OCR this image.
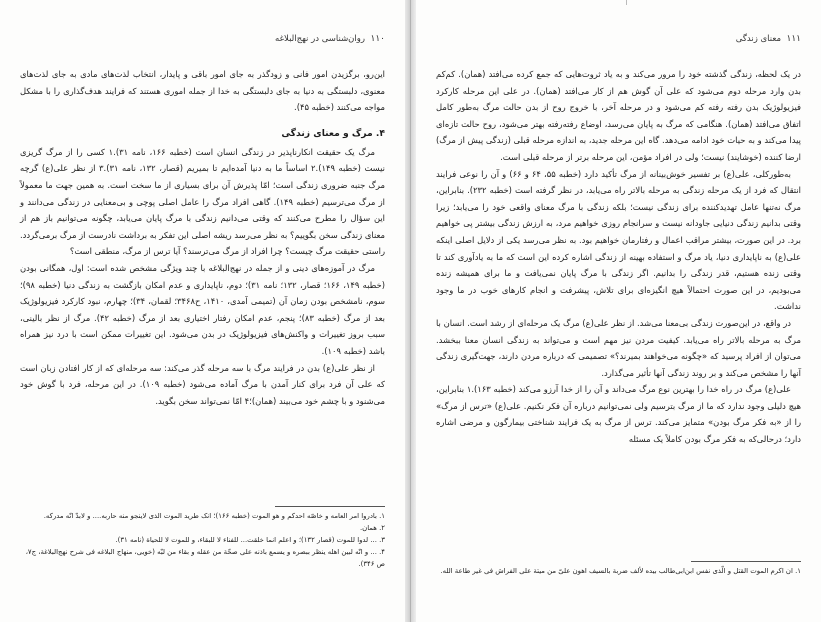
۱۱۰
روان‌شناسی در نهج‌البلاغه

این‌رو، برگزیدن امور فانی و زودگذر به جای امور باقی و پایدار، انتخاب لذت‌های مادی به جای لذت‌های معنوی، دلبستگی به دنیا به جای دلبستگی به خدا از جمله اموری هستند که فرایند هدف‌گذاری را با مشکل مواجه می‌کنند (خطبه ۴۵).

۴. مرگ و معنای زندگی

مرگ یک حقیقت انکارناپذیر در زندگی انسان است (خطبه ۱۶۶، نامه ۳۱).۱ کسی را از مرگ گریزی نیست (خطبه ۱۴۹).۲ اساساً ما به دنیا آمده‌ایم تا بمیریم (قصار، ۱۳۲، نامه ۳۱).۳ از نظر علی(ع) گرچه مرگ جنبه ضروری زندگی است؛ امّا پذیرش آن برای بسیاری از ما سخت است. به همین جهت ما معمولاً از مرگ می‌ترسیم (خطبه ۱۴۹). گاهی افراد مرگ را عامل اصلی پوچی و بی‌معنایی در زندگی می‌دانند و این سؤال را مطرح می‌کنند که وقتی می‌دانیم زندگی با مرگ پایان می‌یابد، چگونه می‌توانیم باز هم از معنای زندگی سخن بگوییم؟ به نظر می‌رسد ریشه اصلی این تفکر به برداشت نادرست از مرگ برمی‌گردد. راستی حقیقت مرگ چیست؟ چرا افراد از مرگ می‌ترسند؟ آیا ترس از مرگ، منطقی است؟

مرگ در آموزه‌های دینی و از جمله در نهج‌البلاغه با چند ویژگی مشخص شده است: اول، همگانی بودن (خطبه ۱۴۹، ۱۶۶؛ قصار، ۱۳۲؛ نامه ۳۱)؛ دوم، ناپایداری و عدم امکان بازگشت به زندگی دنیا (خطبه ۹۸)؛ سوم، نامشخص بودن زمان آن (تمیمی آمدی، ۱۴۱۰، ح۳۴۶۸؛ لقمان، ۳۴)؛ چهارم، نبود کارکرد فیزیولوژیک بعد از مرگ (خطبه ۸۳)؛ پنجم، عدم امکان رفتار اختیاری بعد از مرگ (خطبه ۴۲). مرگ از نظر بالینی، سبب بروز تغییرات و واکنش‌های فیزیولوژیک در بدن می‌شود. این تغییرات ممکن است با درد نیز همراه باشد (خطبه ۱۰۹).

از نظر علی(ع) بدن در فرایند مرگ با سه مرحله گذر می‌کند: سه مرحله‌ای که از کار افتادن زبان است که علی آن فرد برای کنار آمدن با مرگ آماده می‌شود (خطبه ۱۰۹). در این مرحله، فرد با گوش خود می‌شنود و با چشم خود می‌بیند (همان)؛۴ امّا نمی‌تواند سخن بگوید.

۱. بادروا امر العامه و خاصّه احدکم و هو الموت (خطبه ۱۶۶)؛ انک طرید الموت الذی لاینجو منه حاربه.... و لابدّ انّه مدرکه.

۲. همان.

۳. ... لدوا للموت (قصار ۱۳۲)؛ و اعلم انما خلقت... للفناء لا للبقاء، و للموت لا للحیاة (نامه ۳۱).

۴. ... و انّه لبین اهله ینظر ببصره و یسمع باذنه علی صحّة من عقله و بقاء من لبّه (خویی، منهاج البلاغه فی شرح نهج‌البلاغة، ج۷، ص ۳۴۶).

۱۱۱
معنای زندگی

در یک لحظه، زندگی گذشته خود را مرور می‌کند و به یاد ثروت‌هایی که جمع کرده می‌افتد (همان). کم‌کم بدن وارد مرحله دوم می‌شود که علی آن گوش هم از کار می‌افتد (همان). در علی این مرحله کارکرد فیزیولوژیک بدن رفته رفته کم می‌شود و در مرحله آخر، با خروج روح از بدن حالت مرگ به‌طور کامل اتفاق می‌افتد (همان). هنگامی که مرگ به پایان می‌رسد، اوضاع رفته‌رفته بهتر می‌شود، روح حالت تازه‌ای پیدا می‌کند و به حیات خود ادامه می‌دهد. گاه این مرحله جدید، به اندازه مرحله قبلی (زندگی پیش از مرگ) ارضا کننده (خوشایند) نیست؛ ولی در افراد مؤمن، این مرحله برتر از مرحله قبلی است.

به‌طورکلی، علی(ع) بر تفسیر خوش‌بینانه از مرگ تأکید دارد (خطبه ۵۵، ۶۴ و ۶۶) و آن را نوعی فرایند انتقال که فرد از یک مرحله زندگی به مرحله بالاتر راه می‌یابد، در نظر گرفته است (خطبه ۲۳۲). بنابراین، مرگ نه‌تنها عامل تهدیدکننده برای زندگی نیست؛ بلکه زندگی با مرگ معنای واقعی خود را می‌یابد؛ زیرا وقتی بدانیم زندگی دنیایی جاودانه نیست و سرانجام روزی خواهیم مرد، به ارزش زندگی بیشتر پی خواهیم برد. در این صورت، بیشتر مراقب اعمال و رفتارمان خواهیم بود. به نظر می‌رسد یکی از دلایل اصلی اینکه علی(ع) به ناپایداری دنیا، یاد مرگ و استفاده بهینه از زندگی اشاره کرده این است که ما به یادآوری کند تا وقتی زنده هستیم، قدر زندگی را بدانیم. اگر زندگی با مرگ پایان نمی‌یافت و ما برای همیشه زنده می‌بودیم، در این صورت احتمالاً هیچ انگیزه‌ای برای تلاش، پیشرفت و انجام کارهای خوب در ما وجود نداشت.

در واقع، در این‌صورت زندگی بی‌معنا می‌شد. از نظر علی(ع) مرگ یک مرحله‌ای از رشد است. انسان با مرگ به مرحله بالاتر راه می‌یابد. کیفیت مردن نیز مهم است و می‌تواند به زندگی انسان معنا ببخشد. می‌توان از افراد پرسید که «چگونه می‌خواهند بمیرند؟» تصمیمی که درباره مردن دارند، جهت‌گیری زندگی آنها را مشخص می‌کند و بر روند زندگی آنها تأثیر می‌گذارد.

علی(ع) مرگ در راه خدا را بهترین نوع مرگ می‌داند و آن را از خدا آرزو می‌کند (خطبه ۱۶۳).۱ بنابراین، هیچ دلیلی وجود ندارد که ما از مرگ بترسیم ولی نمی‌توانیم درباره آن فکر نکنیم. علی(ع) «ترس از مرگ» را از «به فکر مرگ بودن» متمایز می‌کند. ترس از مرگ به یک فرایند شناختی بیمارگون و مرضی اشاره دارد؛ درحالی‌که به فکر مرگ بودن کاملاً یک مسئله

۱. ان اکرم الموت القتل و الّذی نفس ابن‌ابی‌طالب بیده لألف ضربة بالسیف اهون علیّ من میتة علی الفراش فی غیر طاعة الله.
